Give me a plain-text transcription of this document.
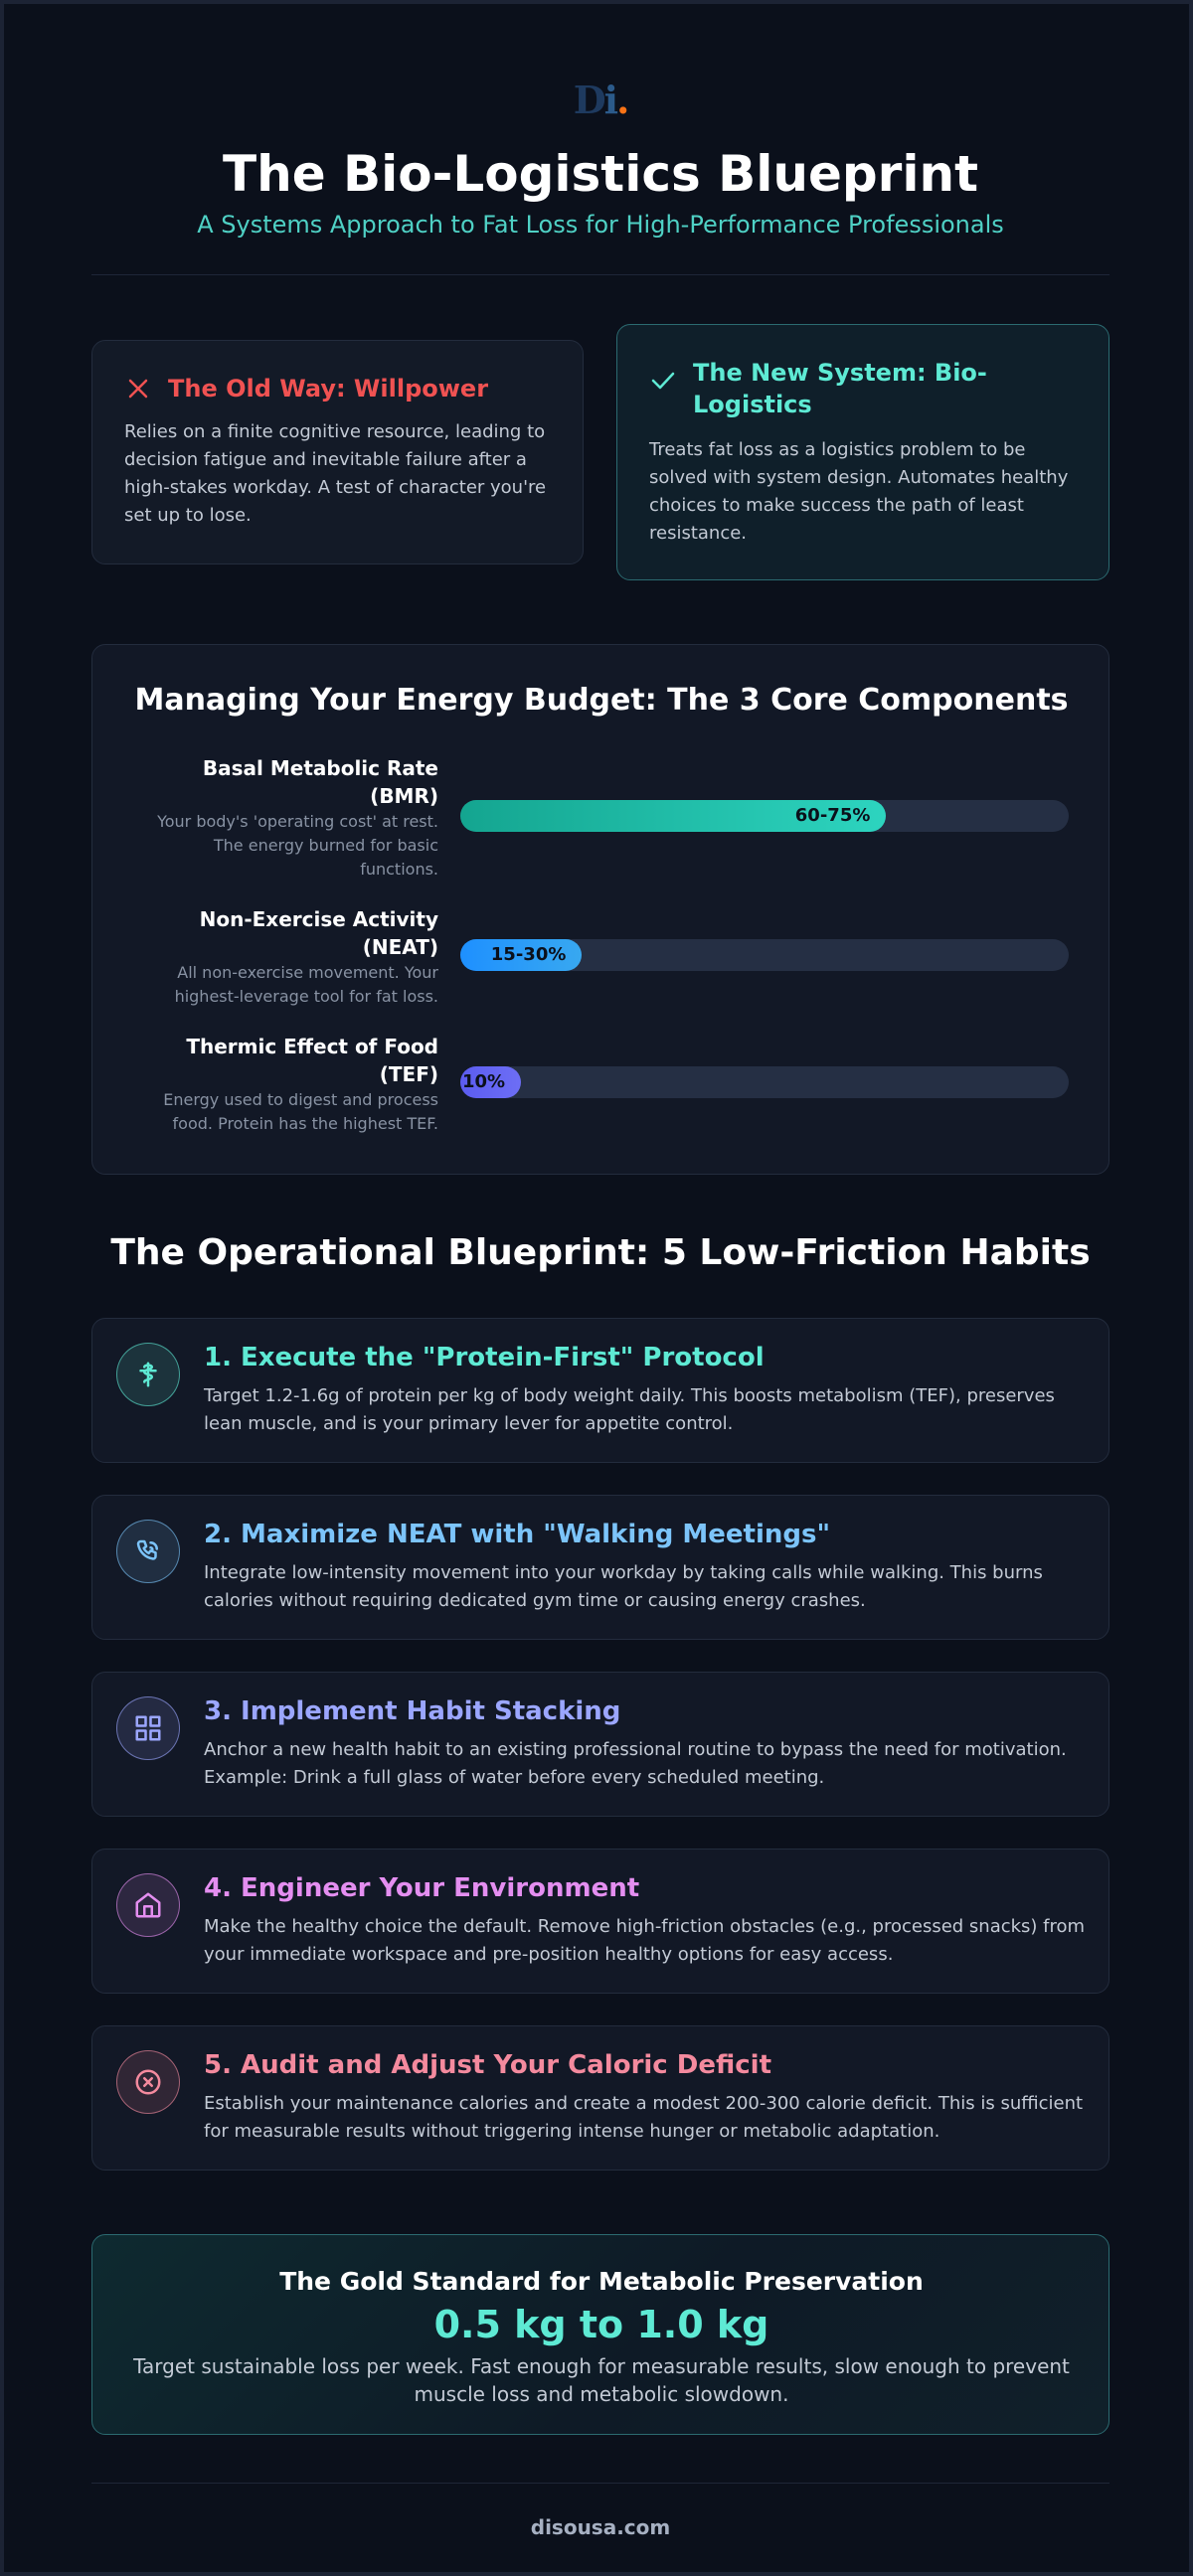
Di.
The Bio-Logistics Blueprint
A Systems Approach to Fat Loss for High-Performance Professionals
The Old Way: Willpower
Relies on a finite cognitive resource, leading to decision fatigue and inevitable failure after a high-stakes workday. A test of character you're set up to lose.
The New System: Bio-Logistics
Treats fat loss as a logistics problem to be solved with system design. Automates healthy choices to make success the path of least resistance.
Managing Your Energy Budget: The 3 Core Components
Basal Metabolic Rate (BMR)
Your body's 'operating cost' at rest. The energy burned for basic functions.
60-75%
Non-Exercise Activity (NEAT)
All non-exercise movement. Your highest-leverage tool for fat loss.
15-30%
Thermic Effect of Food (TEF)
Energy used to digest and process food. Protein has the highest TEF.
10%
The Operational Blueprint: 5 Low-Friction Habits
1. Execute the "Protein-First" Protocol
Target 1.2-1.6g of protein per kg of body weight daily. This boosts metabolism (TEF), preserves lean muscle, and is your primary lever for appetite control.
2. Maximize NEAT with "Walking Meetings"
Integrate low-intensity movement into your workday by taking calls while walking. This burns calories without requiring dedicated gym time or causing energy crashes.
3. Implement Habit Stacking
Anchor a new health habit to an existing professional routine to bypass the need for motivation. Example: Drink a full glass of water before every scheduled meeting.
4. Engineer Your Environment
Make the healthy choice the default. Remove high-friction obstacles (e.g., processed snacks) from your immediate workspace and pre-position healthy options for easy access.
5. Audit and Adjust Your Caloric Deficit
Establish your maintenance calories and create a modest 200-300 calorie deficit. This is sufficient for measurable results without triggering intense hunger or metabolic adaptation.
The Gold Standard for Metabolic Preservation
0.5 kg to 1.0 kg
Target sustainable loss per week. Fast enough for measurable results, slow enough to prevent muscle loss and metabolic slowdown.
disousa.com
